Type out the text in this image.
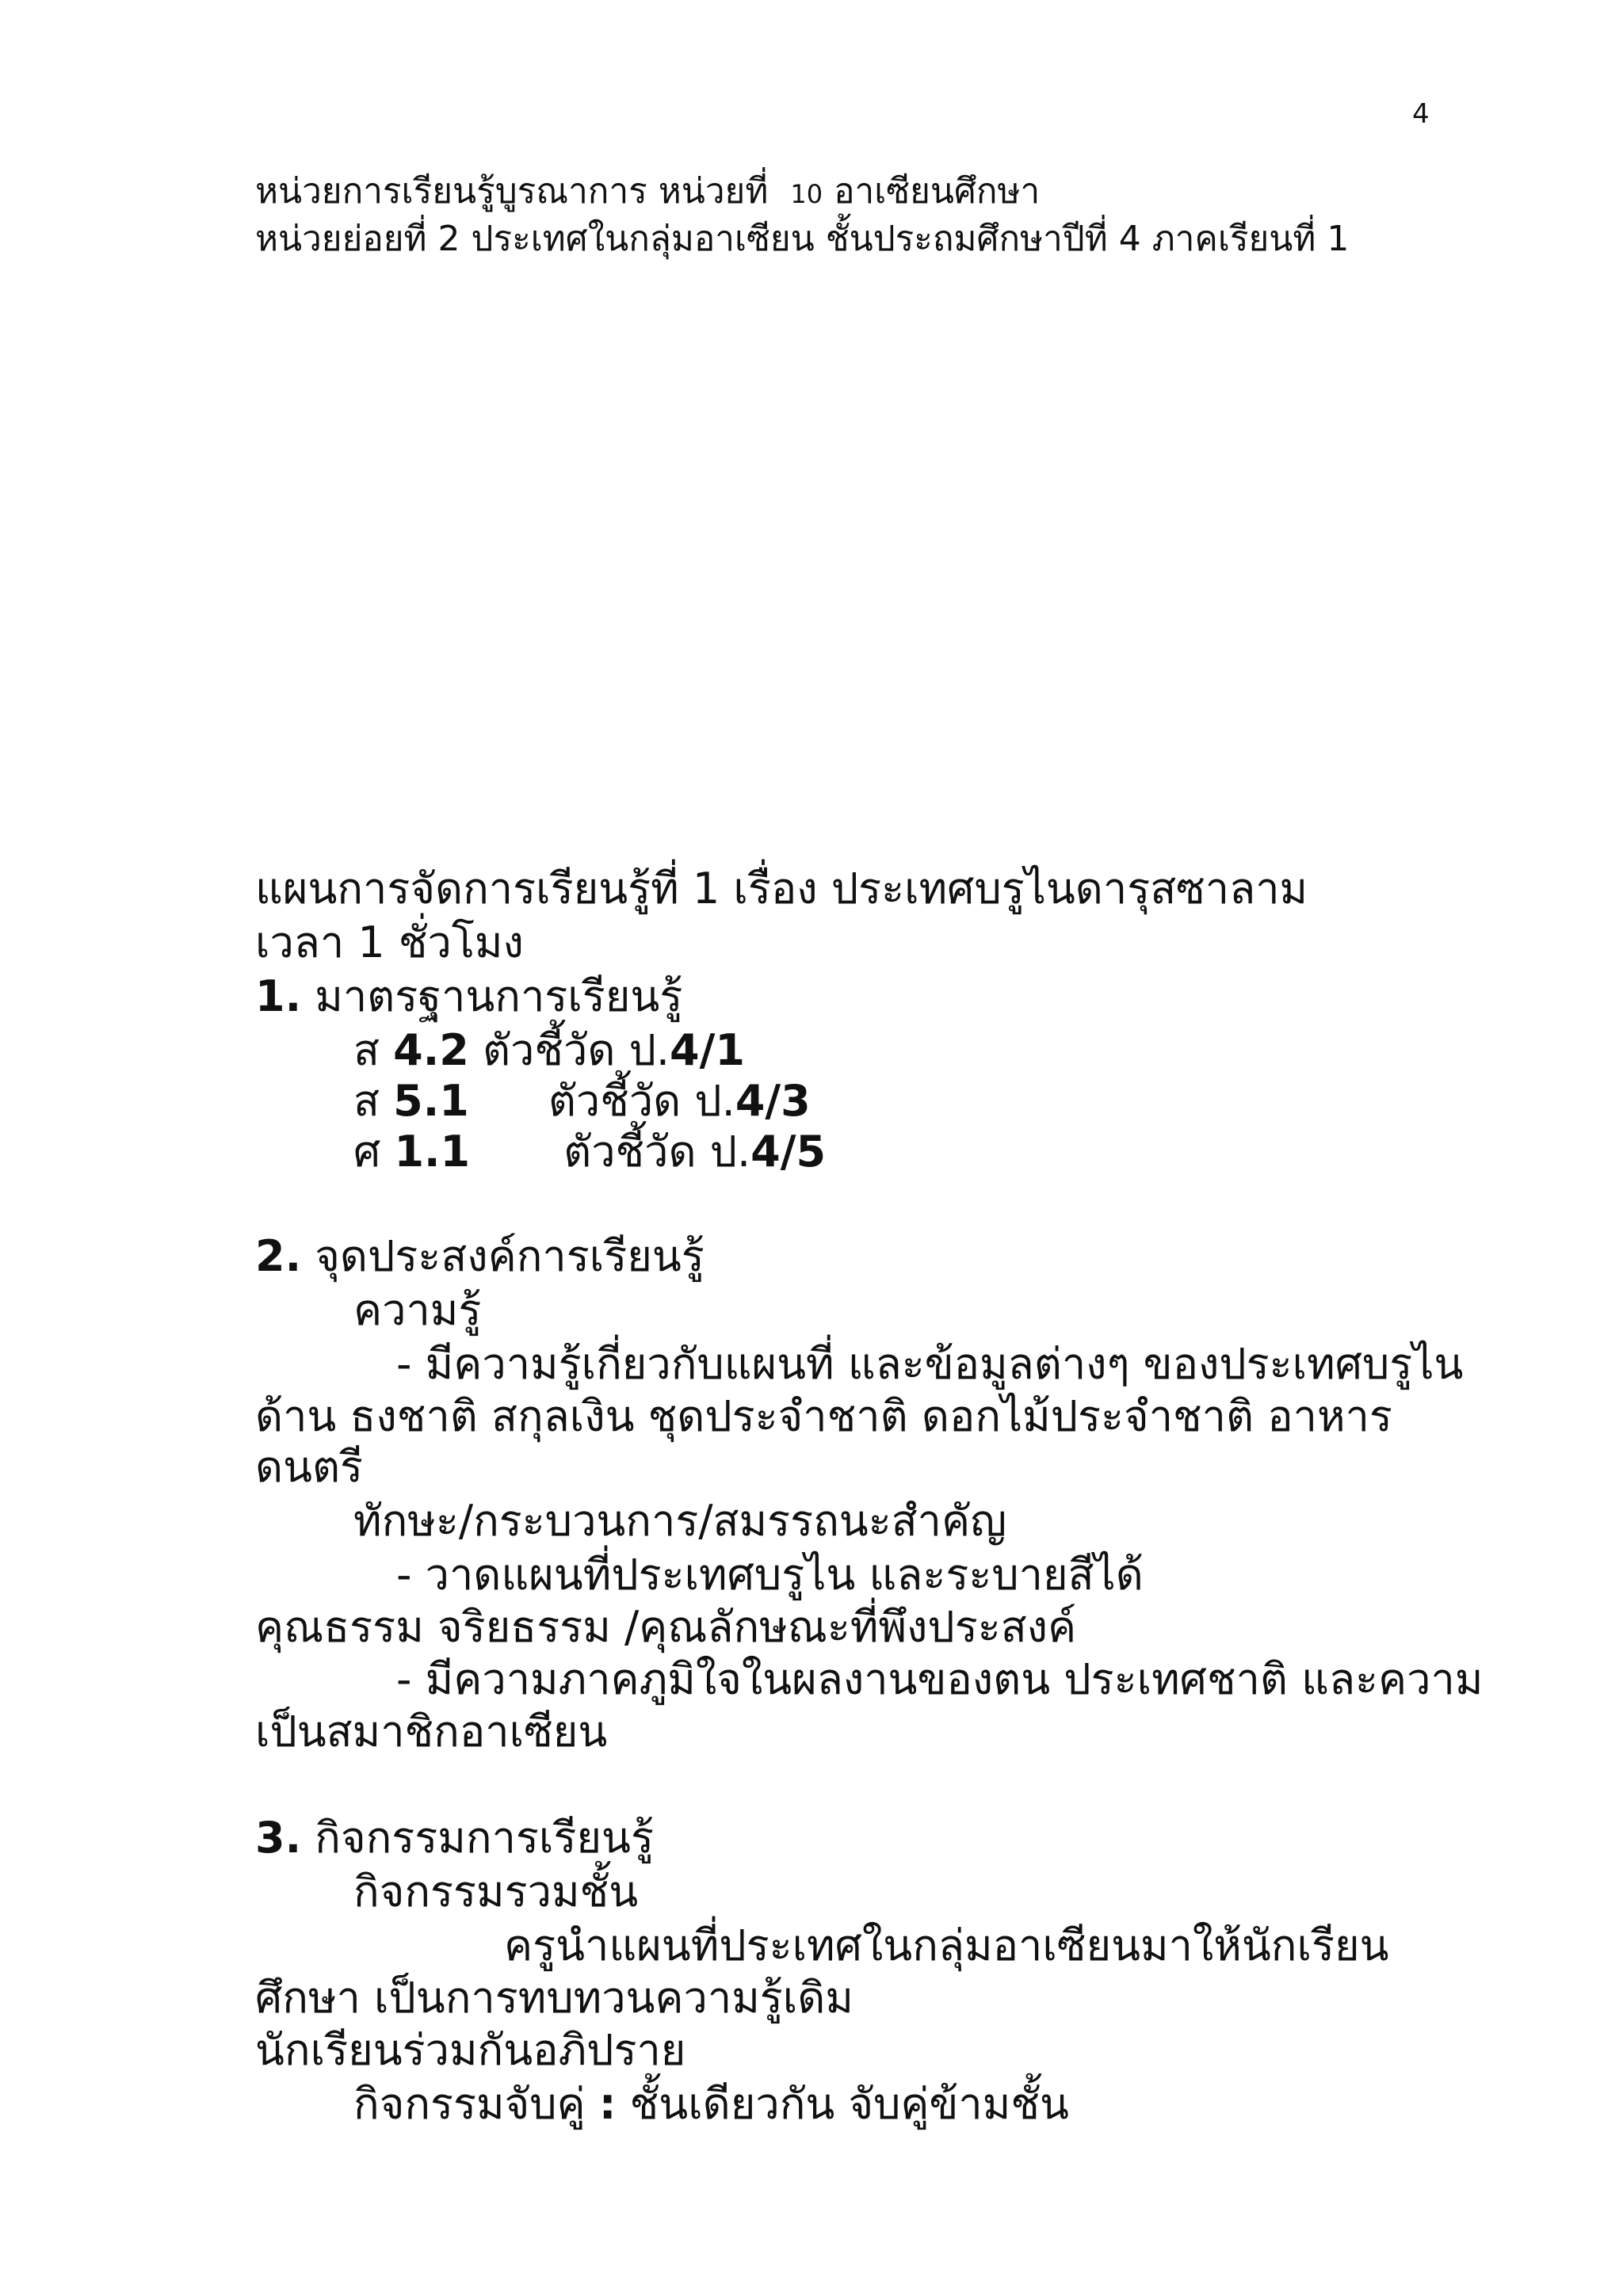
4
หน่วยการเรียนรู้บูรณาการ หน่วยที่ 10 อาเซียนศึกษา
หน่วยย่อยที่ 2 ประเทศในกลุ่มอาเซียน ชั้นประถมศึกษาปีที่ 4 ภาคเรียนที่ 1
แผนการจัดการเรียนรู้ที่ 1 เรื่อง ประเทศบรูไนดารุสซาลาม
เวลา 1 ชั่วโมง
1. มาตรฐานการเรียนรู้
ส 4.2 ตัวชี้วัด ป.4/1
ส 5.1 ตัวชี้วัด ป.4/3
ศ 1.1 ตัวชี้วัด ป.4/5
2. จุดประสงค์การเรียนรู้
ความรู้
- มีความรู้เกี่ยวกับแผนที่ และข้อมูลต่างๆ ของประเทศบรูไน
ด้าน ธงชาติ สกุลเงิน ชุดประจำชาติ ดอกไม้ประจำชาติ อาหาร
ดนตรี
ทักษะ/กระบวนการ/สมรรถนะสำคัญ
- วาดแผนที่ประเทศบรูไน และระบายสีได้
คุณธรรม จริยธรรม /คุณลักษณะที่พึงประสงค์
- มีความภาคภูมิใจในผลงานของตน ประเทศชาติ และความ
เป็นสมาชิกอาเซียน
3. กิจกรรมการเรียนรู้
กิจกรรมรวมชั้น
ครูนำแผนที่ประเทศในกลุ่มอาเซียนมาให้นักเรียน
ศึกษา เป็นการทบทวนความรู้เดิม
นักเรียนร่วมกันอภิปราย
กิจกรรมจับคู่ : ชั้นเดียวกัน จับคู่ข้ามชั้น
